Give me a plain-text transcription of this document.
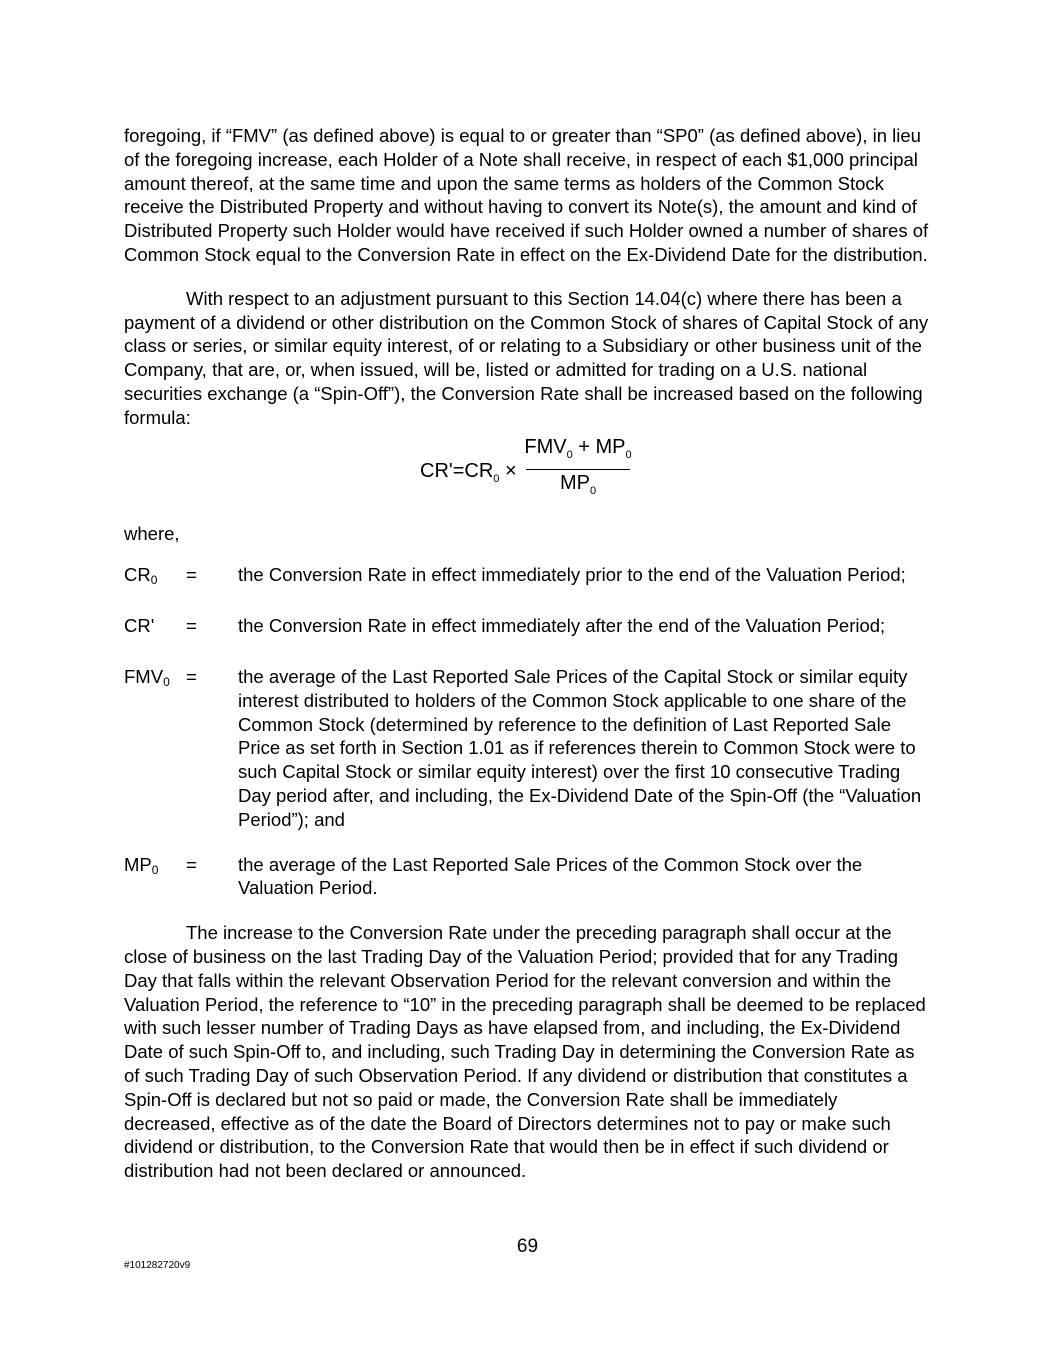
foregoing, if “FMV” (as defined above) is equal to or greater than “SP0” (as defined above), in lieu of the foregoing increase, each Holder of a Note shall receive, in respect of each $1,000 principal amount thereof, at the same time and upon the same terms as holders of the Common Stock receive the Distributed Property and without having to convert its Note(s), the amount and kind of Distributed Property such Holder would have received if such Holder owned a number of shares of Common Stock equal to the Conversion Rate in effect on the Ex-Dividend Date for the distribution.

With respect to an adjustment pursuant to this Section 14.04(c) where there has been a payment of a dividend or other distribution on the Common Stock of shares of Capital Stock of any class or series, or similar equity interest, of or relating to a Subsidiary or other business unit of the Company, that are, or, when issued, will be, listed or admitted for trading on a U.S. national securities exchange (a “Spin-Off”), the Conversion Rate shall be increased based on the following formula:

$CR'=CR_0$ ×
$FMV_0 + MP_0$
$MP_0$

where,

$CR_0$	=	the Conversion Rate in effect immediately prior to the end of the Valuation Period;
CR'	=	the Conversion Rate in effect immediately after the end of the Valuation Period;
$FMV_0$ =	the average of the Last Reported Sale Prices of the Capital Stock or similar equity interest distributed to holders of the Common Stock applicable to one share of the Common Stock (determined by reference to the definition of Last Reported Sale Price as set forth in Section 1.01 as if references therein to Common Stock were to such Capital Stock or similar equity interest) over the first 10 consecutive Trading Day period after, and including, the Ex-Dividend Date of the Spin-Off (the “Valuation Period”); and
$MP_0$	=	the average of the Last Reported Sale Prices of the Common Stock over the Valuation Period.

The increase to the Conversion Rate under the preceding paragraph shall occur at the close of business on the last Trading Day of the Valuation Period; provided that for any Trading Day that falls within the relevant Observation Period for the relevant conversion and within the Valuation Period, the reference to “10” in the preceding paragraph shall be deemed to be replaced with such lesser number of Trading Days as have elapsed from, and including, the Ex-Dividend Date of such Spin-Off to, and including, such Trading Day in determining the Conversion Rate as of such Trading Day of such Observation Period. If any dividend or distribution that constitutes a Spin-Off is declared but not so paid or made, the Conversion Rate shall be immediately decreased, effective as of the date the Board of Directors determines not to pay or make such dividend or distribution, to the Conversion Rate that would then be in effect if such dividend or distribution had not been declared or announced.

69
#101282720v9
